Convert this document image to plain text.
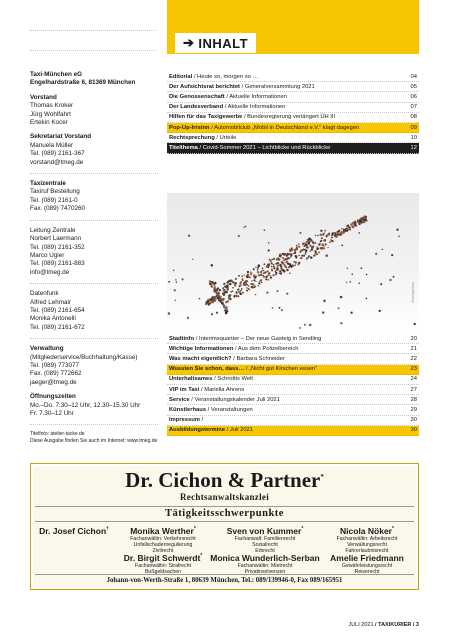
➔ INHALT
Taxi-München eG
Engelhardstraße 6, 81369 München
Vorstand
Thomas Kroker
Jürg Wohlfahrt
Ertekin Kocer
Sekretariat Vorstand
Manuela Müller
Tel. (089) 2161-367
vorstand@tmeg.de
Taxizentrale
Taxiruf Bestellung
Tel. (089) 2161-0
Fax. (089) 7470260
Leitung Zentrale
Norbert Laermann
Tel. (089) 2161-352
Marco Ugler
Tel. (089) 2161-883
info@tmeg.de
Datenfunk
Alfred Lehmair
Tel. (089) 2161-654
Monika Antonelli
Tel. (089) 2161-672
Verwaltung
(Mitgliederservice/Buchhaltung/Kasse)
Tel. (089) 773077
Fax. (089) 772662
jaeger@tmeg.de
Öffnungszeiten
Mo.–Do. 7.30–12 Uhr, 12.30–15.30 Uhr
Fr. 7.30–12 Uhr
Titelfoto: atelier-tacke.de
Diese Ausgabe finden Sie auch im Internet: www.tmeg.de
Editorial / Heute so, morgen so …	04
Der Aufsichtsrat berichtet / Generalversammlung 2021	05
Die Genossenschaft / Aktuelle Informationen	06
Der Landesverband / Aktuelle Informationen	07
Hilfen für das Taxigewerbe / Bundesregierung verlängert ÜH III	08
Pop-Up-Irrsinn / Automobilclub „Mobil in Deutschland e.V.“ klagt dagegen	09
Rechtsprechung / Urteile	10
Titelthema / Covid-Sommer 2021 – Lichtblicke und Rückblicke	12
iStockphoto
Stadtinfo / Interimsquartier – Der neue Gasteig in Sendling	20
Wichtige Informationen / Aus dem Polizeibereich	21
Was macht eigentlich? / Barbara Schneider	22
Wussten Sie schon, dass… / „Nicht gut Kirschen essen“	23
Unterhaltsames / Schrottis Welt	24
VIP im Taxi / Mariella Ahrens	27
Service / Veranstaltungskalender Juli 2021	28
Künstlerhaus / Veranstaltungen	29
Impressum /	30
Ausbildungstermine / Juli 2021	30
Dr. Cichon & Partner*
Rechtsanwaltskanzlei
Tätigkeitsschwerpunkte
Dr. Josef Cichon†	Monika Werther*
Fachanwältin: Verkehrsrecht
Unfallschadenregulierung
Zivilrecht
Sven von Kummer*
Fachanwalt: Familienrecht
Sozialrecht
Erbrecht
Nicola Nöker*
Fachanwältin: Arbeitsrecht
Verwaltungsrecht
Fahrerlaubnisrecht
Dr. Birgit Schwerdt*
Fachanwältin: Strafrecht
Bußgeldsachen
Monica Wunderlich-Serban
Fachanwältin: Mietrecht
Privatinsolvenzen
Amelie Friedmann
Gewährleistungsrecht
Reiserecht
Johann-von-Werth-Straße 1, 80639 München, Tel.: 089/139946-0, Fax 089/165951
JULI 2021 / TAXIKURIER / 3
